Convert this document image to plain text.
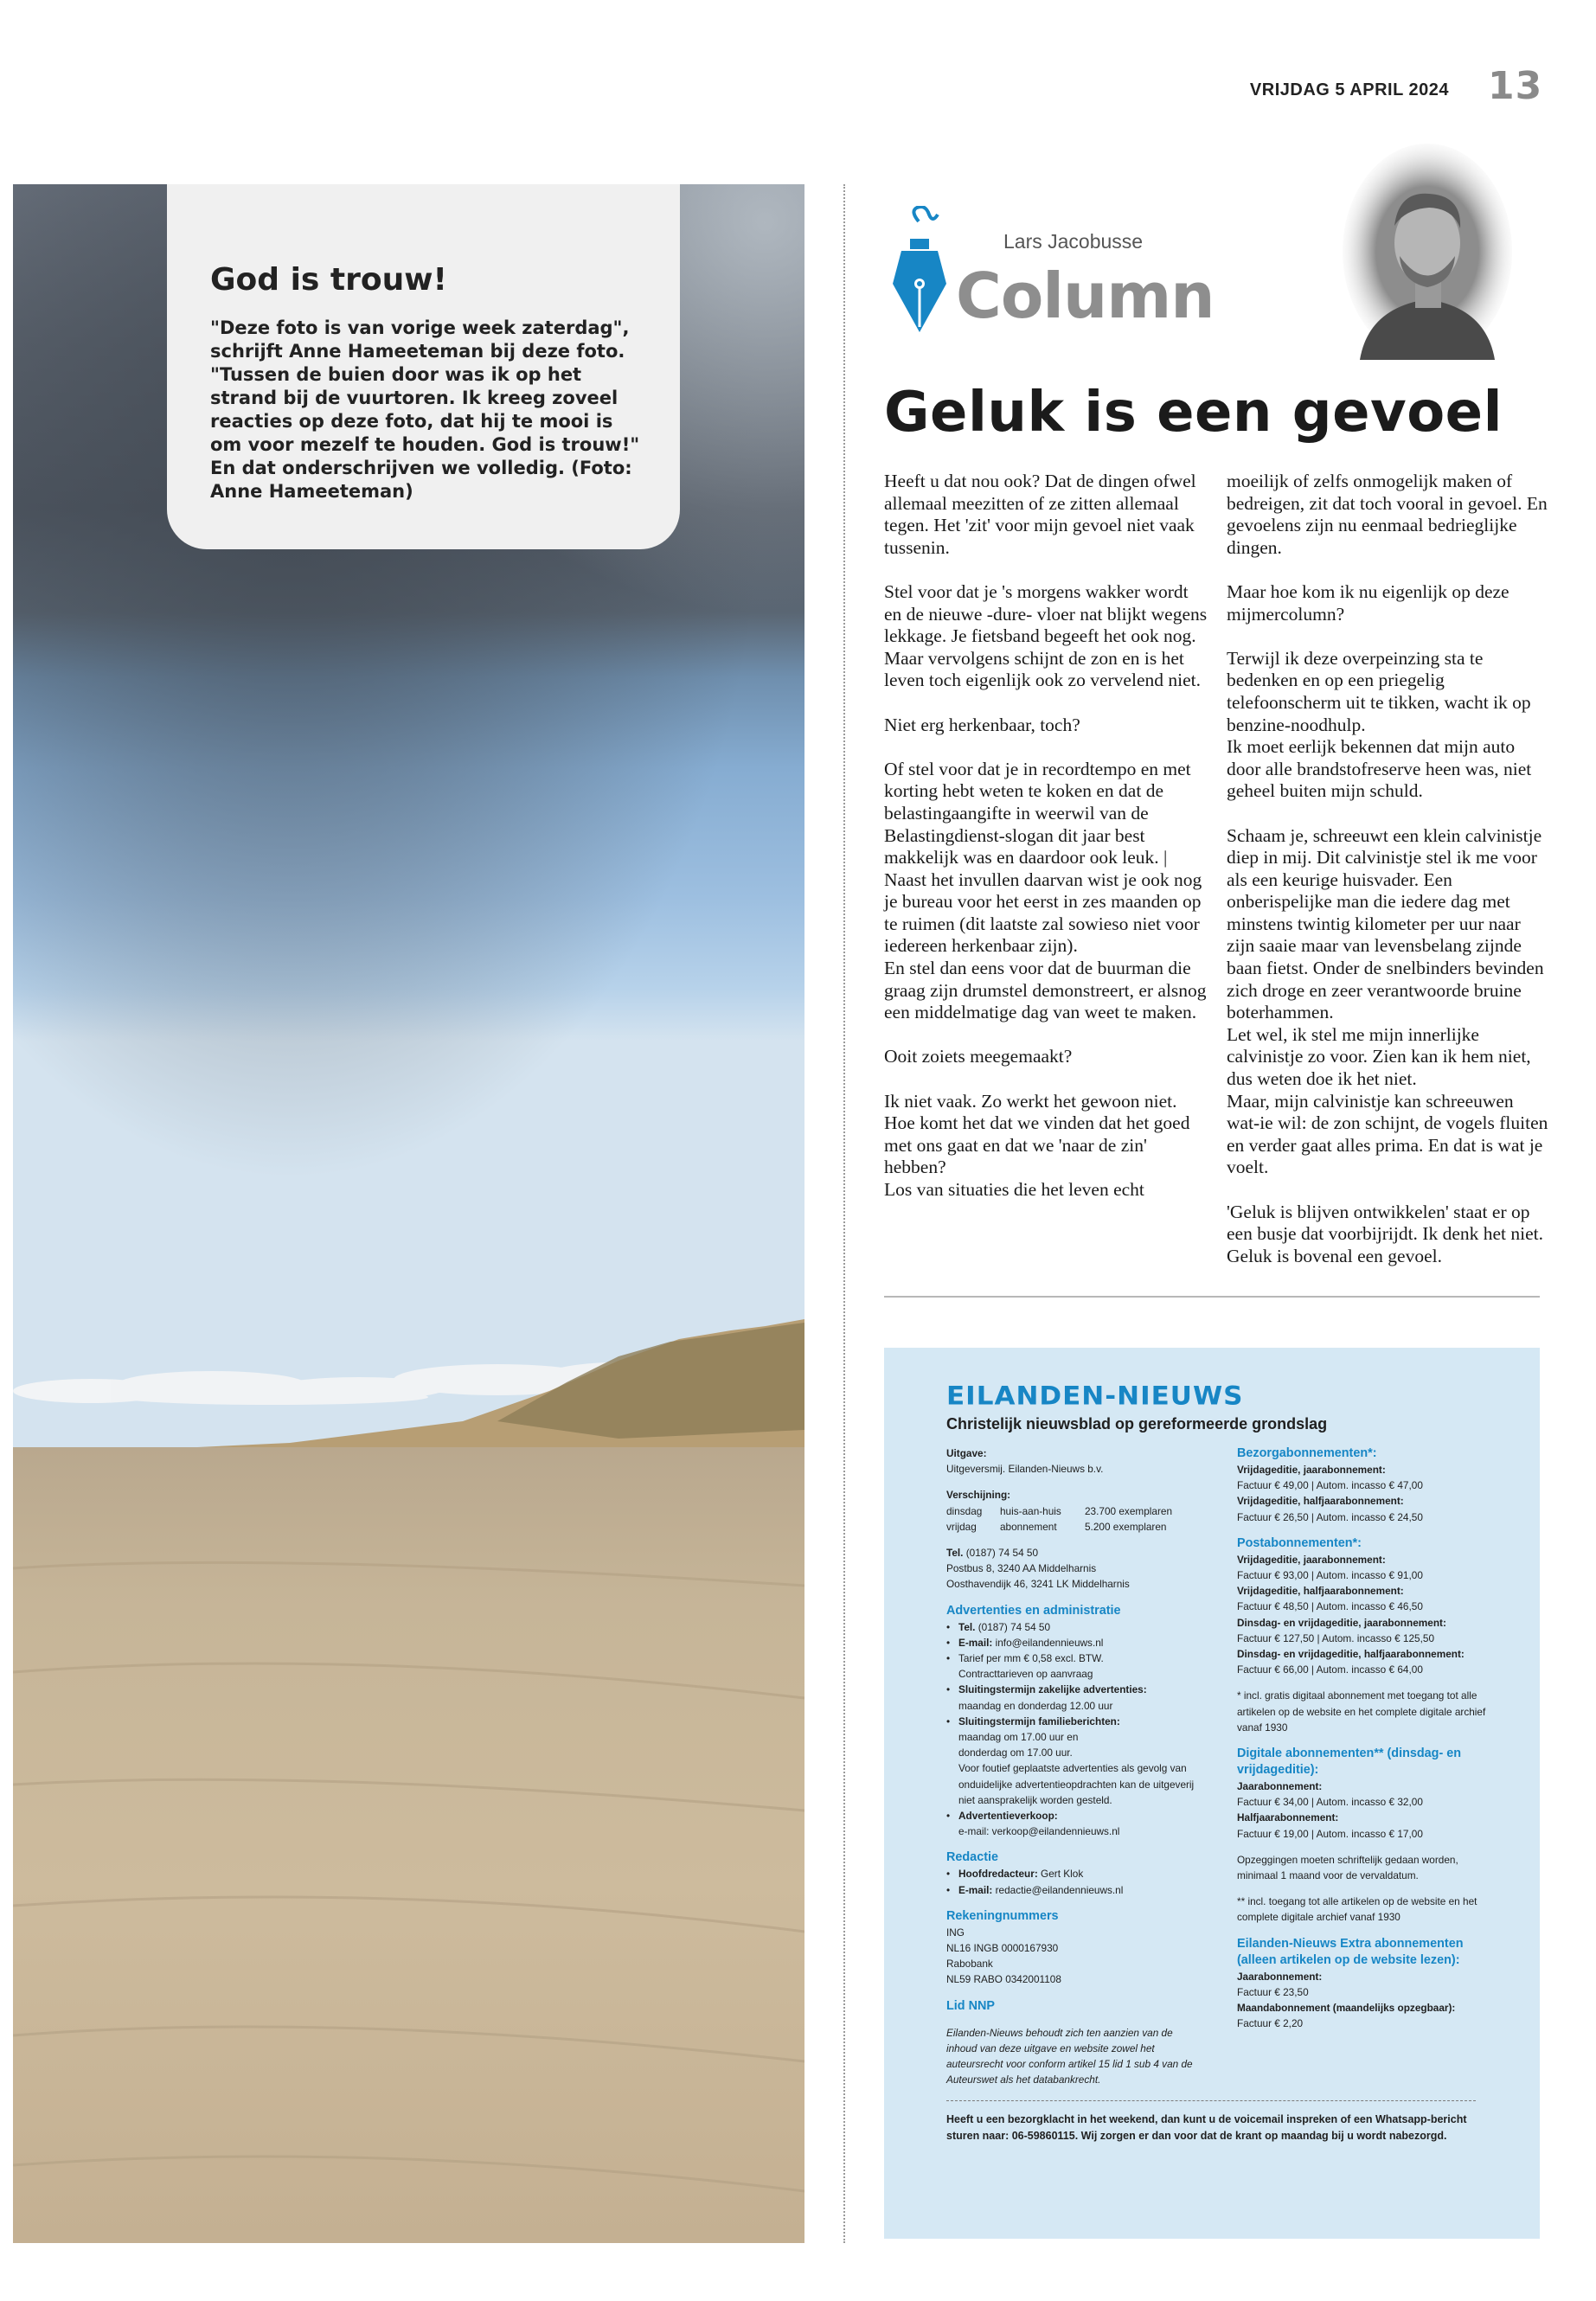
VRIJDAG 5 APRIL 2024 13
God is trouw!
"Deze foto is van vorige week zaterdag", schrijft Anne Hameeteman bij deze foto. "Tussen de buien door was ik op het strand bij de vuurtoren. Ik kreeg zoveel reacties op deze foto, dat hij te mooi is om voor mezelf te houden. God is trouw!" En dat onderschrijven we volledig. (Foto: Anne Hameeteman)
Lars Jacobusse
Column
Geluk is een gevoel

Heeft u dat nou ook? Dat de dingen ofwel allemaal meezitten of ze zitten allemaal tegen. Het 'zit' voor mijn gevoel niet vaak tussenin.

Stel voor dat je 's morgens wakker wordt en de nieuwe -dure- vloer nat blijkt wegens lekkage. Je fietsband begeeft het ook nog. Maar vervolgens schijnt de zon en is het leven toch eigenlijk ook zo vervelend niet.

Niet erg herkenbaar, toch?

Of stel voor dat je in recordtempo en met korting hebt weten te koken en dat de belastingaangifte in weerwil van de Belastingdienst-slogan dit jaar best makkelijk was en daardoor ook leuk. | Naast het invullen daarvan wist je ook nog je bureau voor het eerst in zes maanden op te ruimen (dit laatste zal sowieso niet voor iedereen herkenbaar zijn).

En stel dan eens voor dat de buurman die graag zijn drumstel demonstreert, er alsnog een middelmatige dag van weet te maken.

Ooit zoiets meegemaakt?

Ik niet vaak. Zo werkt het gewoon niet. Hoe komt het dat we vinden dat het goed met ons gaat en dat we 'naar de zin' hebben?

Los van situaties die het leven echt

moeilijk of zelfs onmogelijk maken of bedreigen, zit dat toch vooral in gevoel. En gevoelens zijn nu eenmaal bedrieglijke dingen.

Maar hoe kom ik nu eigenlijk op deze mijmercolumn?

Terwijl ik deze overpeinzing sta te bedenken en op een priegelig telefoonscherm uit te tikken, wacht ik op benzine-noodhulp.

Ik moet eerlijk bekennen dat mijn auto door alle brandstofreserve heen was, niet geheel buiten mijn schuld.

Schaam je, schreeuwt een klein calvinistje diep in mij. Dit calvinistje stel ik me voor als een keurige huisvader. Een onberispelijke man die iedere dag met minstens twintig kilometer per uur naar zijn saaie maar van levensbelang zijnde baan fietst. Onder de snelbinders bevinden zich droge en zeer verantwoorde bruine boterhammen.

Let wel, ik stel me mijn innerlijke calvinistje zo voor. Zien kan ik hem niet, dus weten doe ik het niet.

Maar, mijn calvinistje kan schreeuwen wat-ie wil: de zon schijnt, de vogels fluiten en verder gaat alles prima. En dat is wat je voelt.

'Geluk is blijven ontwikkelen' staat er op een busje dat voorbijrijdt. Ik denk het niet. Geluk is bovenal een gevoel.

EILANDEN-NIEUWS
Christelijk nieuwsblad op gereformeerde grondslag
Uitgave:
Uitgeversmij. Eilanden-Nieuws b.v.
Verschijning:
dinsdag	huis-aan-huis	23.700 exemplaren
vrijdag	abonnement	5.200 exemplaren
Tel. (0187) 74 54 50
Postbus 8, 3240 AA Middelharnis
Oosthavendijk 46, 3241 LK Middelharnis
Advertenties en administratie
• Tel. (0187) 74 54 50
• E-mail: info@eilandennieuws.nl
• Tarief per mm € 0,58 excl. BTW.
Contracttarieven op aanvraag
• Sluitingstermijn zakelijke advertenties:
maandag en donderdag 12.00 uur
• Sluitingstermijn familieberichten:
maandag om 17.00 uur en
donderdag om 17.00 uur.
Voor foutief geplaatste advertenties als gevolg van onduidelijke advertentieopdrachten kan de uitgeverij niet aansprakelijk worden gesteld.
• Advertentieverkoop:
e-mail: verkoop@eilandennieuws.nl
Redactie
• Hoofdredacteur: Gert Klok
• E-mail: redactie@eilandennieuws.nl
Rekeningnummers
ING
NL16 INGB 0000167930
Rabobank
NL59 RABO 0342001108
Lid NNP
Eilanden-Nieuws behoudt zich ten aanzien van de inhoud van deze uitgave en website zowel het auteursrecht voor conform artikel 15 lid 1 sub 4 van de Auteurswet als het databankrecht.
Bezorgabonnementen*:
Vrijdageditie, jaarabonnement:
Factuur € 49,00 | Autom. incasso € 47,00
Vrijdageditie, halfjaarabonnement:
Factuur € 26,50 | Autom. incasso € 24,50
Postabonnementen*:
Vrijdageditie, jaarabonnement:
Factuur € 93,00 | Autom. incasso € 91,00
Vrijdageditie, halfjaarabonnement:
Factuur € 48,50 | Autom. incasso € 46,50
Dinsdag- en vrijdageditie, jaarabonnement:
Factuur € 127,50 | Autom. incasso € 125,50
Dinsdag- en vrijdageditie, halfjaarabonnement:
Factuur € 66,00 | Autom. incasso € 64,00
* incl. gratis digitaal abonnement met toegang tot alle artikelen op de website en het complete digitale archief vanaf 1930
Digitale abonnementen** (dinsdag- en vrijdageditie):
Jaarabonnement:
Factuur € 34,00 | Autom. incasso € 32,00
Halfjaarabonnement:
Factuur € 19,00 | Autom. incasso € 17,00
Opzeggingen moeten schriftelijk gedaan worden, minimaal 1 maand voor de vervaldatum.
** incl. toegang tot alle artikelen op de website en het complete digitale archief vanaf 1930
Eilanden-Nieuws Extra abonnementen (alleen artikelen op de website lezen):
Jaarabonnement:
Factuur € 23,50
Maandabonnement (maandelijks opzegbaar):
Factuur € 2,20
Heeft u een bezorgklacht in het weekend, dan kunt u de voicemail inspreken of een Whatsapp-bericht sturen naar: 06-59860115. Wij zorgen er dan voor dat de krant op maandag bij u wordt nabezorgd.
